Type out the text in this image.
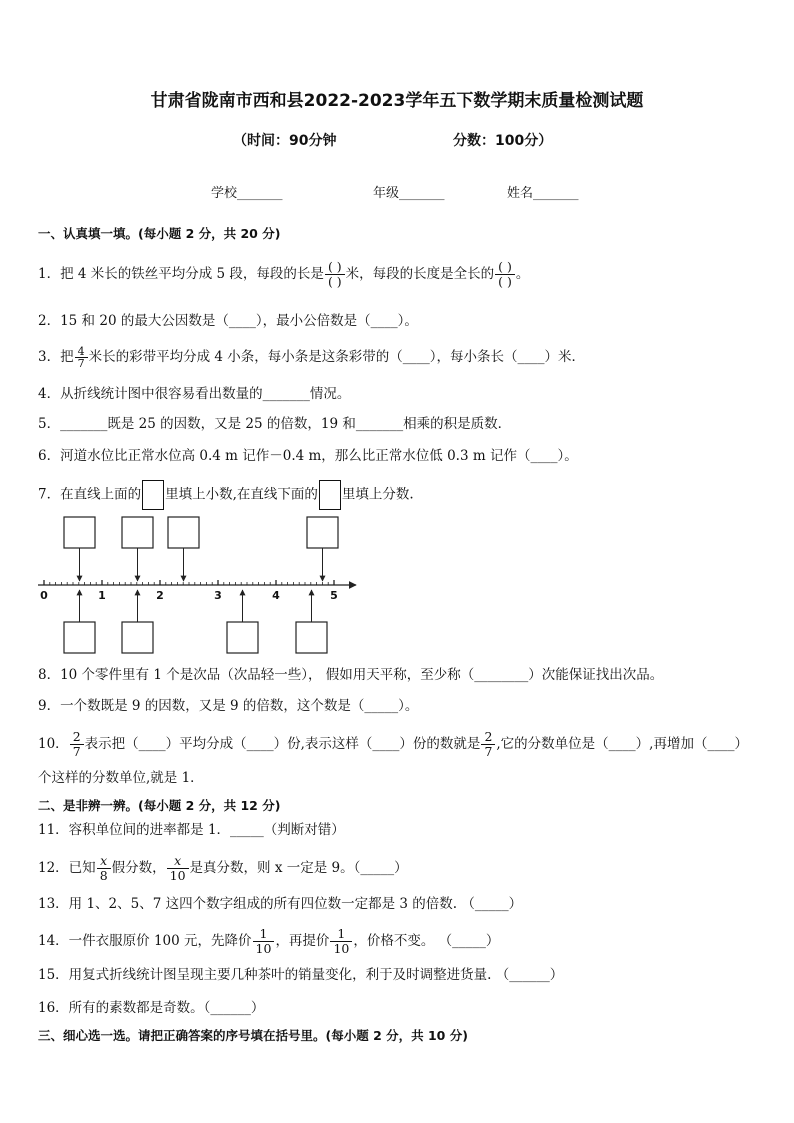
甘肃省陇南市西和县2022-2023学年五下数学期末质量检测试题
（时间：90分钟	分数：100分）
学校_______	年级_______	姓名_______
一、认真填一填。(每小题 2 分，共 20 分)
1．把 4 米长的铁丝平均分成 5 段，每段的长是 $\frac{( )}{( )}$ 米，每段的长度是全长的 $\frac{( )}{( )}$ 。
2．15 和 20 的最大公因数是（____），最小公倍数是（____）。
3．把 $\frac{4}{7}$ 米长的彩带平均分成 4 小条，每小条是这条彩带的（____），每小条长（____）米．
4．从折线统计图中很容易看出数量的_______情况。
5．_______既是 25 的因数，又是 25 的倍数，19 和_______相乘的积是质数．
6．河道水位比正常水位高 0.4 m 记作－0.4 m，那么比正常水位低 0.3 m 记作（____）。
7．在直线上面的 里填上小数,在直线下面的 里填上分数.
0	1	2	3	4	5
8．10 个零件里有 1 个是次品（次品轻一些）， 假如用天平称，至少称（________）次能保证找出次品。
9．一个数既是 9 的因数，又是 9 的倍数，这个数是（_____）。
10． $\frac{2}{7}$ 表示把（____）平均分成（____）份,表示这样（____）份的数就是 $\frac{2}{7}$ ,它的分数单位是（____）,再增加（____）
个这样的分数单位,就是 1．
二、是非辨一辨。(每小题 2 分，共 12 分)
11．容积单位间的进率都是 1．_____（判断对错）
12．已知 $\frac{x}{8}$ 假分数， $\frac{x}{10}$ 是真分数，则 x 一定是 9。（_____）
13．用 1、2、5、7 这四个数字组成的所有四位数一定都是 3 的倍数. （_____）
14．一件衣服原价 100 元，先降价 $\frac{1}{10}$ ，再提价 $\frac{1}{10}$ ，价格不变。 （_____）
15．用复式折线统计图呈现主要几种茶叶的销量变化，利于及时调整进货量. （______）
16．所有的素数都是奇数。（______）
三、细心选一选。请把正确答案的序号填在括号里。(每小题 2 分，共 10 分)
